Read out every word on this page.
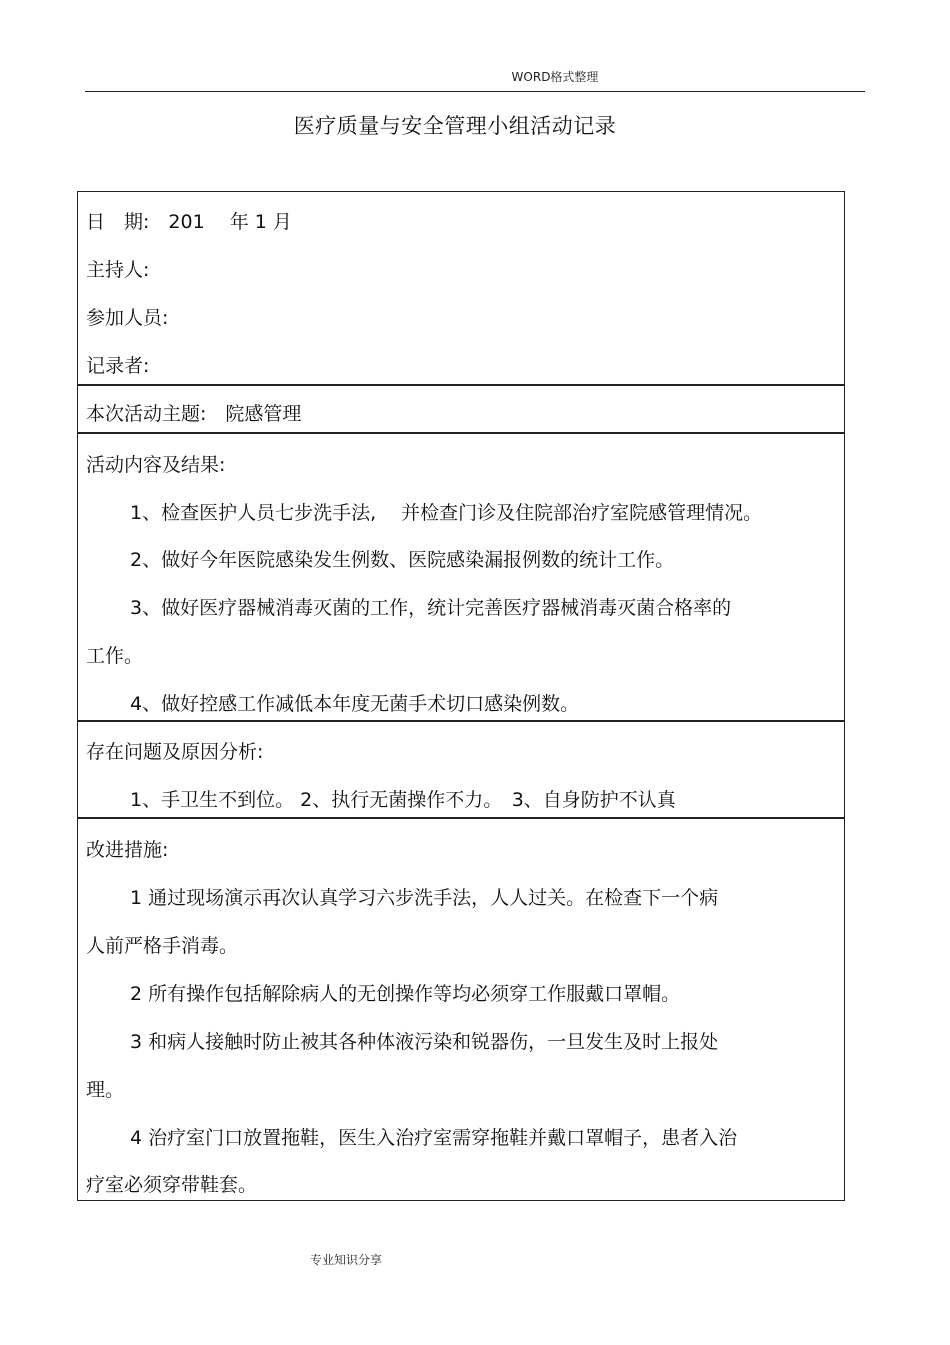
WORD格式整理
医疗质量与安全管理小组活动记录
日　期:　201　 年 1 月
主持人:
参加人员:
记录者:
本次活动主题:　院感管理
活动内容及结果:
1、检查医护人员七步洗手法,　 并检查门诊及住院部治疗室院感管理情况。
2、做好今年医院感染发生例数、医院感染漏报例数的统计工作。
3、做好医疗器械消毒灭菌的工作，统计完善医疗器械消毒灭菌合格率的
工作。
4、做好控感工作减低本年度无菌手术切口感染例数。
存在问题及原因分析:
1、手卫生不到位。 2、执行无菌操作不力。　3、自身防护不认真
改进措施:
1 通过现场演示再次认真学习六步洗手法，人人过关。在检查下一个病
人前严格手消毒。
2 所有操作包括解除病人的无创操作等均必须穿工作服戴口罩帽。
3 和病人接触时防止被其各种体液污染和锐器伤，一旦发生及时上报处
理。
4 治疗室门口放置拖鞋，医生入治疗室需穿拖鞋并戴口罩帽子，患者入治
疗室必须穿带鞋套。
专业知识分享
